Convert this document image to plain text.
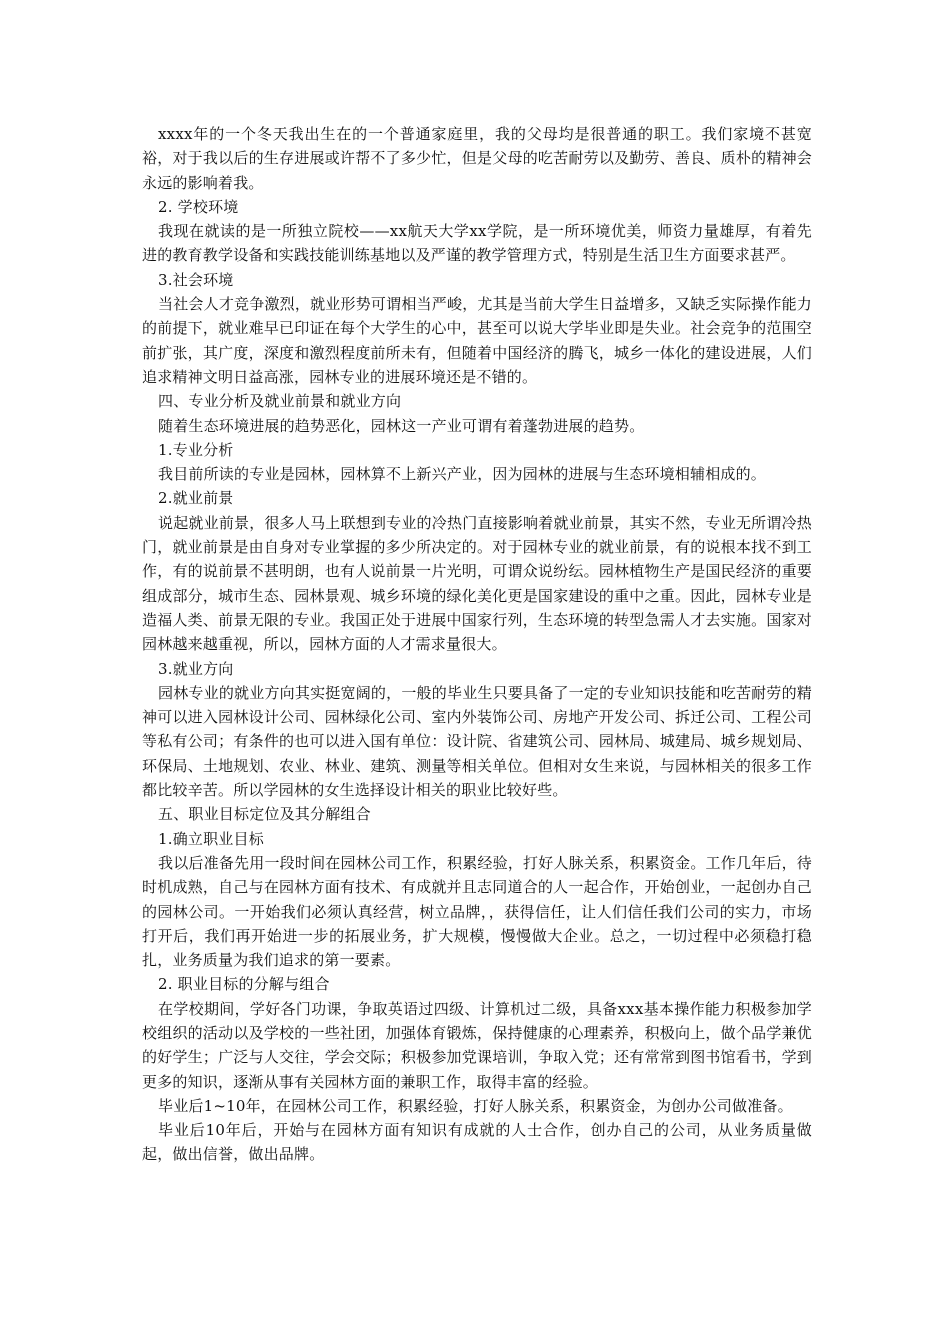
xxxx年的一个冬天我出生在的一个普通家庭里，我的父母均是很普通的职工。我们家境不甚宽裕，对于我以后的生存进展或许帮不了多少忙，但是父母的吃苦耐劳以及勤劳、善良、质朴的精神会永远的影响着我。

2. 学校环境

我现在就读的是一所独立院校——xx航天大学xx学院，是一所环境优美，师资力量雄厚，有着先进的教育教学设备和实践技能训练基地以及严谨的教学管理方式，特别是生活卫生方面要求甚严。

3.社会环境

当社会人才竞争激烈，就业形势可谓相当严峻，尤其是当前大学生日益增多，又缺乏实际操作能力的前提下，就业难早已印证在每个大学生的心中，甚至可以说大学毕业即是失业。社会竞争的范围空前扩张，其广度，深度和激烈程度前所未有，但随着中国经济的腾飞，城乡一体化的建设进展，人们追求精神文明日益高涨，园林专业的进展环境还是不错的。

四、专业分析及就业前景和就业方向

随着生态环境进展的趋势恶化，园林这一产业可谓有着蓬勃进展的趋势。

1.专业分析

我目前所读的专业是园林，园林算不上新兴产业，因为园林的进展与生态环境相辅相成的。

2.就业前景

说起就业前景，很多人马上联想到专业的冷热门直接影响着就业前景，其实不然，专业无所谓冷热门，就业前景是由自身对专业掌握的多少所决定的。对于园林专业的就业前景，有的说根本找不到工作，有的说前景不甚明朗，也有人说前景一片光明，可谓众说纷纭。园林植物生产是国民经济的重要组成部分，城市生态、园林景观、城乡环境的绿化美化更是国家建设的重中之重。因此，园林专业是造福人类、前景无限的专业。我国正处于进展中国家行列，生态环境的转型急需人才去实施。国家对园林越来越重视，所以，园林方面的人才需求量很大。

3.就业方向

园林专业的就业方向其实挺宽阔的，一般的毕业生只要具备了一定的专业知识技能和吃苦耐劳的精神可以进入园林设计公司、园林绿化公司、室内外装饰公司、房地产开发公司、拆迁公司、工程公司等私有公司；有条件的也可以进入国有单位：设计院、省建筑公司、园林局、城建局、城乡规划局、环保局、土地规划、农业、林业、建筑、测量等相关单位。但相对女生来说，与园林相关的很多工作都比较辛苦。所以学园林的女生选择设计相关的职业比较好些。

五、职业目标定位及其分解组合

1.确立职业目标

我以后准备先用一段时间在园林公司工作，积累经验，打好人脉关系，积累资金。工作几年后，待时机成熟，自己与在园林方面有技术、有成就并且志同道合的人一起合作，开始创业，一起创办自己的园林公司。一开始我们必须认真经营，树立品牌，，获得信任，让人们信任我们公司的实力，市场打开后，我们再开始进一步的拓展业务，扩大规模，慢慢做大企业。总之，一切过程中必须稳打稳扎，业务质量为我们追求的第一要素。

2. 职业目标的分解与组合

在学校期间，学好各门功课，争取英语过四级、计算机过二级，具备xxx基本操作能力积极参加学校组织的活动以及学校的一些社团，加强体育锻炼，保持健康的心理素养，积极向上，做个品学兼优的好学生；广泛与人交往，学会交际；积极参加党课培训，争取入党；还有常常到图书馆看书，学到更多的知识，逐渐从事有关园林方面的兼职工作，取得丰富的经验。

毕业后1~10年，在园林公司工作，积累经验，打好人脉关系，积累资金，为创办公司做准备。

毕业后10年后，开始与在园林方面有知识有成就的人士合作，创办自己的公司，从业务质量做起，做出信誉，做出品牌。
